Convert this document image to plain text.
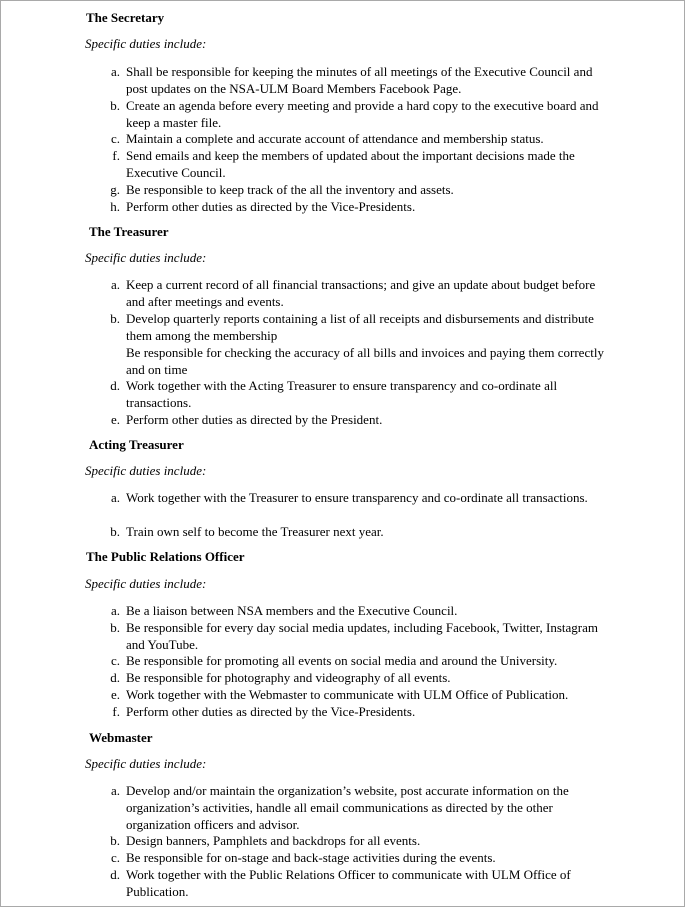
The Secretary
Specific duties include:
a. Shall be responsible for keeping the minutes of all meetings of the Executive Council and post updates on the NSA-ULM Board Members Facebook Page.
b. Create an agenda before every meeting and provide a hard copy to the executive board and keep a master file.
c. Maintain a complete and accurate account of attendance and membership status.
f. Send emails and keep the members of updated about the important decisions made the Executive Council.
g. Be responsible to keep track of the all the inventory and assets.
h. Perform other duties as directed by the Vice-Presidents.
The Treasurer
Specific duties include:
a. Keep a current record of all financial transactions; and give an update about budget before and after meetings and events.
b. Develop quarterly reports containing a list of all receipts and disbursements and distribute them among the membership
Be responsible for checking the accuracy of all bills and invoices and paying them correctly and on time
d. Work together with the Acting Treasurer to ensure transparency and co-ordinate all transactions.
e. Perform other duties as directed by the President.
Acting Treasurer
Specific duties include:
a. Work together with the Treasurer to ensure transparency and co-ordinate all transactions.
b. Train own self to become the Treasurer next year.
The Public Relations Officer
Specific duties include:
a. Be a liaison between NSA members and the Executive Council.
b. Be responsible for every day social media updates, including Facebook, Twitter, Instagram and YouTube.
c. Be responsible for promoting all events on social media and around the University.
d. Be responsible for photography and videography of all events.
e. Work together with the Webmaster to communicate with ULM Office of Publication.
f. Perform other duties as directed by the Vice-Presidents.
Webmaster
Specific duties include:
a. Develop and/or maintain the organization’s website, post accurate information on the organization’s activities, handle all email communications as directed by the other organization officers and advisor.
b. Design banners, Pamphlets and backdrops for all events.
c. Be responsible for on-stage and back-stage activities during the events.
d. Work together with the Public Relations Officer to communicate with ULM Office of Publication.
